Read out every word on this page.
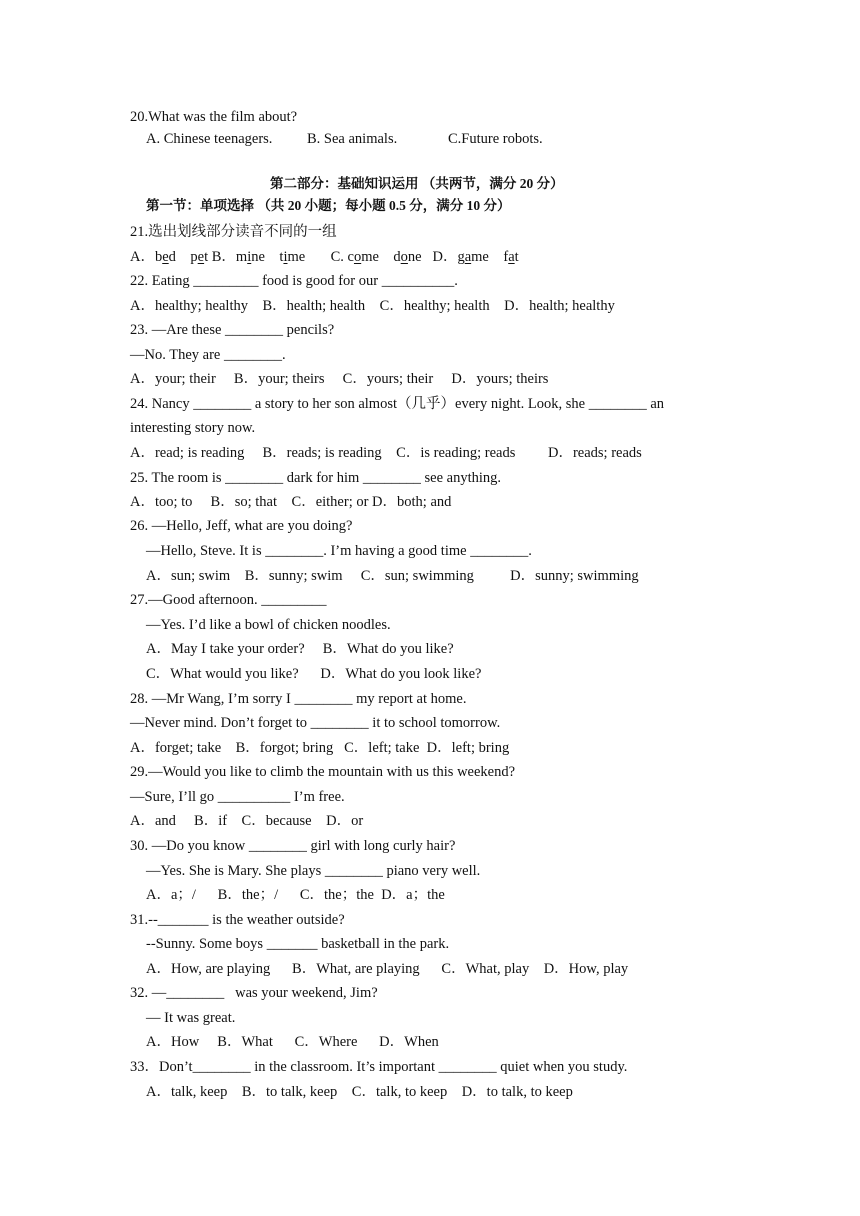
20.What was the film about?
A. Chinese teenagers. B. Sea animals.	C.Future robots.
第二部分：基础知识运用 （共两节，满分 20 分）
第一节：单项选择 （共 20 小题；每小题 0.5 分，满分 10 分）
21.选出划线部分读音不同的一组
A．bed    pet B．mine    time C. come    done D．game    fat
22. Eating _________ food is good for our __________.
A．healthy; healthy    B．health; health    C．healthy; health    D．health; healthy
23. —Are these ________ pencils?
—No. They are ________.
A．your; their     B．your; theirs     C．yours; their     D．yours; theirs
24. Nancy ________ a story to her son almost（几乎）every night. Look, she ________ an
interesting story now.
A．read; is reading     B．reads; is reading    C．is reading; reads         D．reads; reads
25. The room is ________ dark for him ________ see anything.
A．too; to     B．so; that    C．either; or D．both; and
26. —Hello, Jeff, what are you doing?
—Hello, Steve. It is ________. I’m having a good time ________.
A．sun; swim    B．sunny; swim     C．sun; swimming          D．sunny; swimming
27.—Good afternoon. _________
—Yes. I’d like a bowl of chicken noodles.
A．May I take your order?     B．What do you like?
C．What would you like?      D．What do you look like?
28. —Mr Wang, I’m sorry I ________ my report at home.
—Never mind. Don’t forget to ________ it to school tomorrow.
A．forget; take    B．forgot; bring   C．left; take  D．left; bring
29.—Would you like to climb the mountain with us this weekend?
—Sure, I’ll go __________ I’m free.
A．and     B．if    C．because    D．or
30. —Do you know ________ girl with long curly hair?
—Yes. She is Mary. She plays ________ piano very well.
A．a；/      B．the；/      C．the；the  D．a；the
31.--_______ is the weather outside?
--Sunny. Some boys _______ basketball in the park.
A．How, are playing      B．What, are playing      C．What, play    D．How, play
32. —________   was your weekend, Jim?
— It was great.
A．How     B．What      C．Where      D．When
33．Don’t________ in the classroom. It’s important ________ quiet when you study.
A．talk, keep    B．to talk, keep    C．talk, to keep    D．to talk, to keep
